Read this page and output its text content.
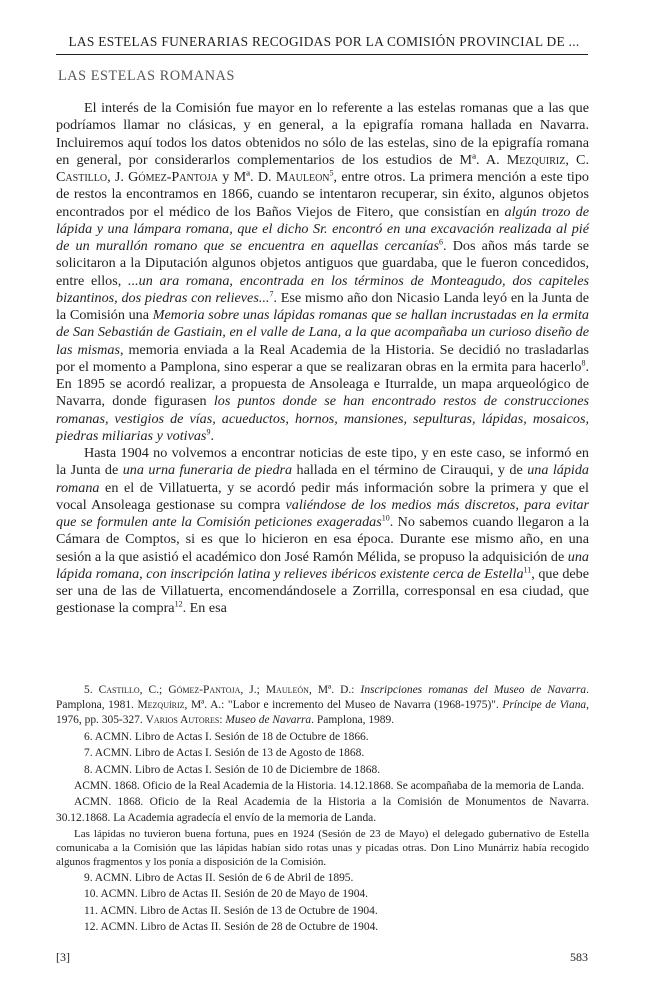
LAS ESTELAS FUNERARIAS RECOGIDAS POR LA COMISIÓN PROVINCIAL DE ...
LAS ESTELAS ROMANAS

El interés de la Comisión fue mayor en lo referente a las estelas romanas que a las que podríamos llamar no clásicas, y en general, a la epigrafía romana hallada en Navarra. Incluiremos aquí todos los datos obtenidos no sólo de las estelas, sino de la epigrafía romana en general, por considerarlos complementarios de los estudios de Mª. A. Mezquiriz, C. Castillo, J. Gómez-Pantoja y Mª. D. Mauleon$^5$, entre otros. La primera mención a este tipo de restos la encontramos en 1866, cuando se intentaron recuperar, sin éxito, algunos objetos encontrados por el médico de los Baños Viejos de Fitero, que consistían en algún trozo de lápida y una lámpara romana, que el dicho Sr. encontró en una excavación realizada al pié de un murallón romano que se encuentra en aquellas cercanías$^6$. Dos años más tarde se solicitaron a la Diputación algunos objetos antiguos que guardaba, que le fueron concedidos, entre ellos, ...un ara romana, encontrada en los términos de Monteagudo, dos capiteles bizantinos, dos piedras con relieves...$^7$. Ese mismo año don Nicasio Landa leyó en la Junta de la Comisión una Memoria sobre unas lápidas romanas que se hallan incrustadas en la ermita de San Sebastián de Gastiain, en el valle de Lana, a la que acompañaba un curioso diseño de las mismas, memoria enviada a la Real Academia de la Historia. Se decidió no trasladarlas por el momento a Pamplona, sino esperar a que se realizaran obras en la ermita para hacerlo$^8$. En 1895 se acordó realizar, a propuesta de Ansoleaga e Iturralde, un mapa arqueológico de Navarra, donde figurasen los puntos donde se han encontrado restos de construcciones romanas, vestigios de vías, acueductos, hornos, mansiones, sepulturas, lápidas, mosaicos, piedras miliarias y votivas$^9$.

Hasta 1904 no volvemos a encontrar noticias de este tipo, y en este caso, se informó en la Junta de una urna funeraria de piedra hallada en el término de Cirauqui, y de una lápida romana en el de Villatuerta, y se acordó pedir más información sobre la primera y que el vocal Ansoleaga gestionase su compra valiéndose de los medios más discretos, para evitar que se formulen ante la Comisión peticiones exageradas$^{10}$. No sabemos cuando llegaron a la Cámara de Comptos, si es que lo hicieron en esa época. Durante ese mismo año, en una sesión a la que asistió el académico don José Ramón Mélida, se propuso la adquisición de una lápida romana, con inscripción latina y relieves ibéricos existente cerca de Estella$^{11}$, que debe ser una de las de Villatuerta, encomendándosele a Zorrilla, corresponsal en esa ciudad, que gestionase la compra$^{12}$. En esa

5. Castillo, C.; Gómez-Pantoja, J.; Mauleón, Mª. D.: Inscripciones romanas del Museo de Navarra. Pamplona, 1981. Mezquíriz, Mª. A.: "Labor e incremento del Museo de Navarra (1968-1975)". Príncipe de Viana, 1976, pp. 305-327. Varios Autores: Museo de Navarra. Pamplona, 1989.

6. ACMN. Libro de Actas I. Sesión de 18 de Octubre de 1866.

7. ACMN. Libro de Actas I. Sesión de 13 de Agosto de 1868.

8. ACMN. Libro de Actas I. Sesión de 10 de Diciembre de 1868.

ACMN. 1868. Oficio de la Real Academia de la Historia. 14.12.1868. Se acompañaba de la memoria de Landa.

ACMN. 1868. Oficio de la Real Academia de la Historia a la Comisión de Monumentos de Navarra. 30.12.1868. La Academia agradecía el envío de la memoria de Landa.

Las lápidas no tuvieron buena fortuna, pues en 1924 (Sesión de 23 de Mayo) el delegado gubernativo de Estella comunicaba a la Comisión que las lápidas habían sido rotas unas y picadas otras. Don Lino Munárriz había recogido algunos fragmentos y los ponía a disposición de la Comisión.

9. ACMN. Libro de Actas II. Sesión de 6 de Abril de 1895.

10. ACMN. Libro de Actas II. Sesión de 20 de Mayo de 1904.

11. ACMN. Libro de Actas II. Sesión de 13 de Octubre de 1904.

12. ACMN. Libro de Actas II. Sesión de 28 de Octubre de 1904.

[3]	583
